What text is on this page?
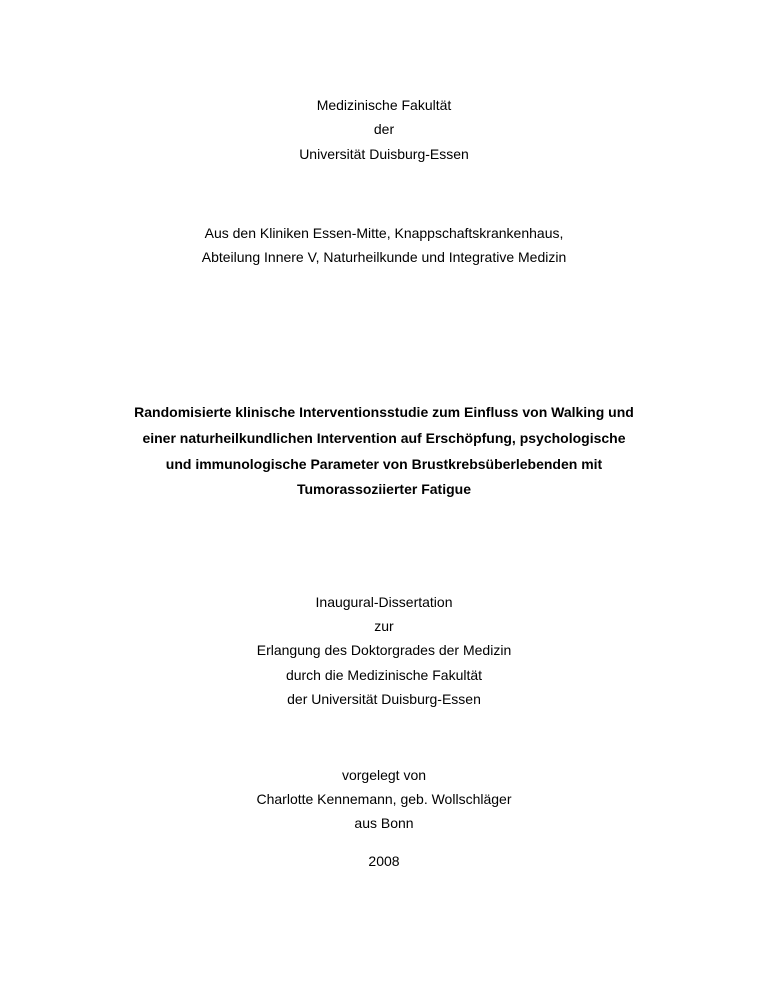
Medizinische Fakultät
der
Universität Duisburg-Essen
Aus den Kliniken Essen-Mitte, Knappschaftskrankenhaus,
Abteilung Innere V, Naturheilkunde und Integrative Medizin
Randomisierte klinische Interventionsstudie zum Einfluss von Walking und
einer naturheilkundlichen Intervention auf Erschöpfung, psychologische
und immunologische Parameter von Brustkrebsüberlebenden mit
Tumorassoziierter Fatigue
Inaugural-Dissertation
zur
Erlangung des Doktorgrades der Medizin
durch die Medizinische Fakultät
der Universität Duisburg-Essen
vorgelegt von
Charlotte Kennemann, geb. Wollschläger
aus Bonn
2008
